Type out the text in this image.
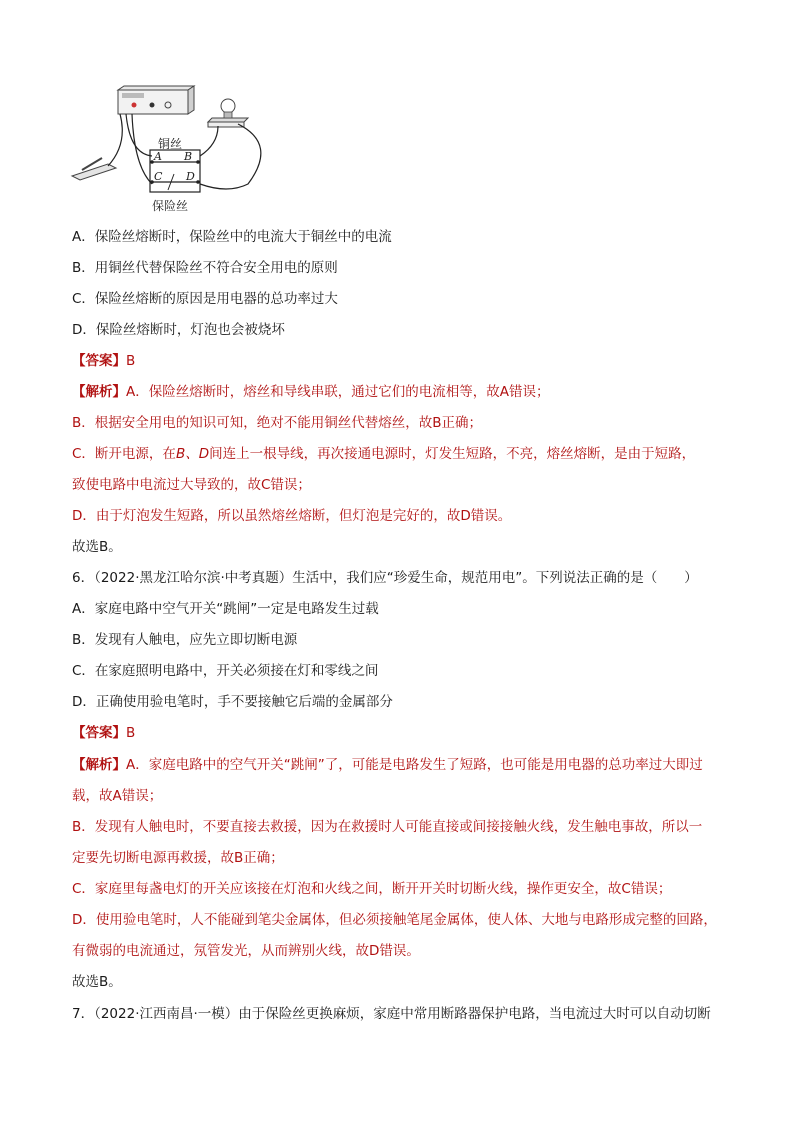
铜丝
保险丝
A B
C D
A．保险丝熔断时，保险丝中的电流大于铜丝中的电流
B．用铜丝代替保险丝不符合安全用电的原则
C．保险丝熔断的原因是用电器的总功率过大
D．保险丝熔断时，灯泡也会被烧坏
【答案】B
【解析】A．保险丝熔断时，熔丝和导线串联，通过它们的电流相等，故A错误；
B．根据安全用电的知识可知，绝对不能用铜丝代替熔丝，故B正确；
C．断开电源，在B、D间连上一根导线，再次接通电源时，灯发生短路，不亮，熔丝熔断，是由于短路，
致使电路中电流过大导致的，故C错误；
D．由于灯泡发生短路，所以虽然熔丝熔断，但灯泡是完好的，故D错误。
故选B。
6．（2022·黑龙江哈尔滨·中考真题）生活中，我们应“珍爱生命，规范用电”。下列说法正确的是（　　）
A．家庭电路中空气开关“跳闸”一定是电路发生过载
B．发现有人触电，应先立即切断电源
C．在家庭照明电路中，开关必须接在灯和零线之间
D．正确使用验电笔时，手不要接触它后端的金属部分
【答案】B
【解析】A．家庭电路中的空气开关“跳闸”了，可能是电路发生了短路，也可能是用电器的总功率过大即过
载，故A错误；
B．发现有人触电时，不要直接去救援，因为在救援时人可能直接或间接接触火线，发生触电事故，所以一
定要先切断电源再救援，故B正确；
C．家庭里每盏电灯的开关应该接在灯泡和火线之间，断开开关时切断火线，操作更安全，故C错误；
D．使用验电笔时，人不能碰到笔尖金属体，但必须接触笔尾金属体，使人体、大地与电路形成完整的回路，
有微弱的电流通过，氖管发光，从而辨别火线，故D错误。
故选B。
7．（2022·江西南昌·一模）由于保险丝更换麻烦，家庭中常用断路器保护电路，当电流过大时可以自动切断
